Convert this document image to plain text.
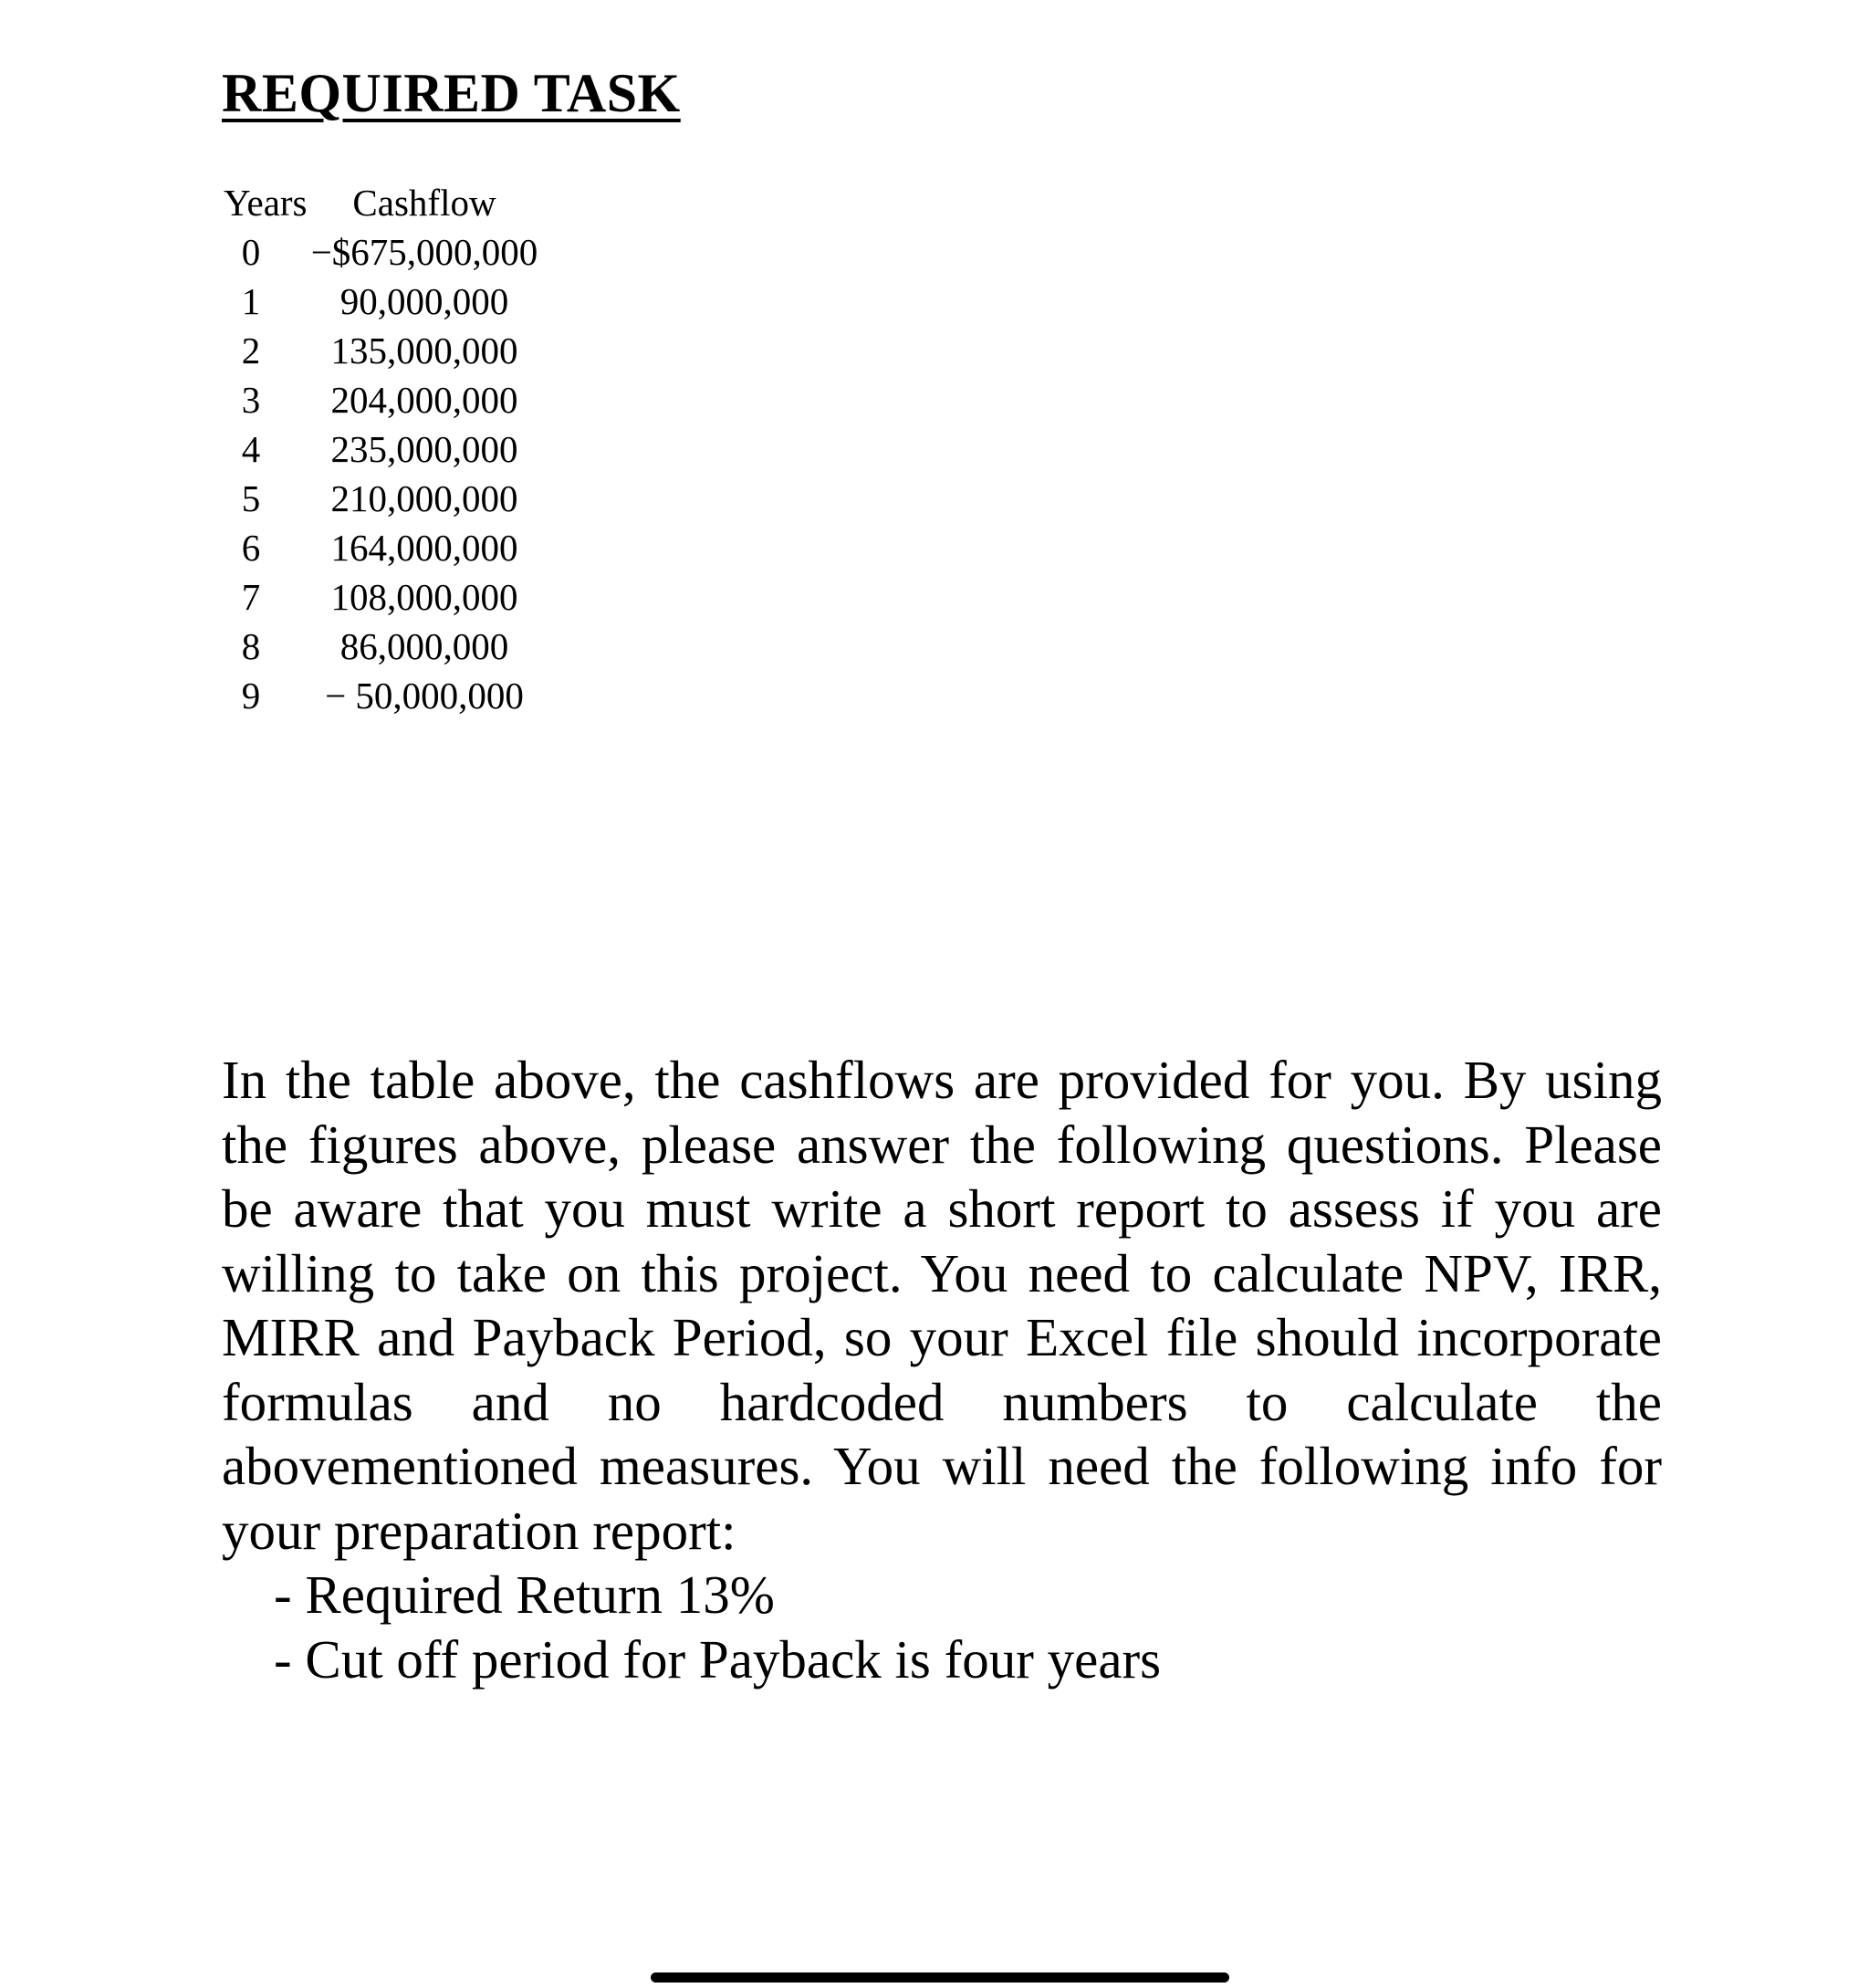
REQUIRED TASK
Years	Cashflow
0	−$675,000,000
1	90,000,000
2	135,000,000
3	204,000,000
4	235,000,000
5	210,000,000
6	164,000,000
7	108,000,000
8	86,000,000
9	− 50,000,000

In the table above, the cashflows are provided for you. By using the figures above, please answer the following questions. Please be aware that you must write a short report to assess if you are willing to take on this project. You need to calculate NPV, IRR, MIRR and Payback Period, so your Excel file should incorporate formulas and no hardcoded numbers to calculate the abovementioned measures. You will need the following info for your preparation report:

- Required Return 13%
- Cut off period for Payback is four years
